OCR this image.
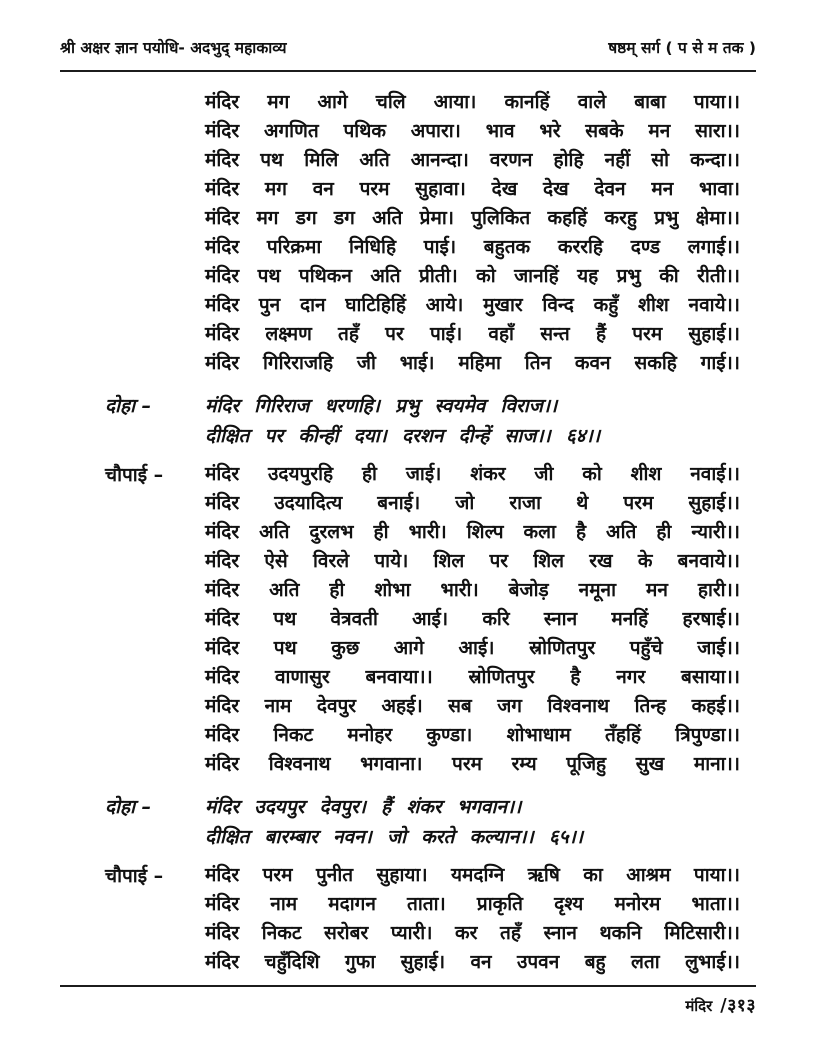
श्री अक्षर ज्ञान पयोधि- अदभुद् महाकाव्य	षष्ठम् सर्ग ( प से म तक )
मंदिर मग आगे चलि आया। कानहिं वाले बाबा पाया।।
मंदिर अगणित पथिक अपारा। भाव भरे सबके मन सारा।।
मंदिर पथ मिलि अति आनन्दा। वरणन होहि नहीं सो कन्दा।।
मंदिर मग वन परम सुहावा। देख देख देवन मन भावा।
मंदिर मग डग डग अति प्रेमा। पुलिकित कहहिं करहु प्रभु क्षेमा।।
मंदिर परिक्रमा निधिहि पाई। बहुतक कररहि दण्ड लगाई।।
मंदिर पथ पथिकन अति प्रीती। को जानहिं यह प्रभु की रीती।।
मंदिर पुन दान घाटिहिहिं आये। मुखार विन्द कहुँ शीश नवाये।।
मंदिर लक्ष्मण तहँ पर पाई। वहाँ सन्त हैं परम सुहाई।।
मंदिर गिरिराजहि जी भाई। महिमा तिन कवन सकहि गाई।।
दोहा –	मंदिर गिरिराज धरणहि। प्रभु स्वयमेव विराज।।
दीक्षित पर कीन्हीं दया। दरशन दीन्हें साज।। ६४।।
चौपाई –	मंदिर उदयपुरहि ही जाई। शंकर जी को शीश नवाई।।
मंदिर उदयादित्य बनाई। जो राजा थे परम सुहाई।।
मंदिर अति दुरलभ ही भारी। शिल्प कला है अति ही न्यारी।।
मंदिर ऐसे विरले पाये। शिल पर शिल रख के बनवाये।।
मंदिर अति ही शोभा भारी। बेजोड़ नमूना मन हारी।।
मंदिर पथ वेत्रवती आई। करि स्नान मनहिं हरषाई।।
मंदिर पथ कुछ आगे आई। स्रोणितपुर पहुँचे जाई।।
मंदिर वाणासुर बनवाया।। स्रोणितपुर है नगर बसाया।।
मंदिर नाम देवपुर अहई। सब जग विश्वनाथ तिन्ह कहई।।
मंदिर निकट मनोहर कुण्डा। शोभाधाम तँहहिं त्रिपुण्डा।।
मंदिर विश्वनाथ भगवाना। परम रम्य पूजिहु सुख माना।।
दोहा –	मंदिर उदयपुर देवपुर। हैं शंकर भगवान।।
दीक्षित बारम्बार नवन। जो करते कल्यान।। ६५।।
चौपाई –	मंदिर परम पुनीत सुहाया। यमदग्नि ऋषि का आश्रम पाया।।
मंदिर नाम मदागन ताता। प्राकृति दृश्य मनोरम भाता।।
मंदिर निकट सरोबर प्यारी। कर तहँ स्नान थकनि मिटिसारी।।
मंदिर चहुँदिशि गुफा सुहाई। वन उपवन बहु लता लुभाई।।
मंदिर /३१३
